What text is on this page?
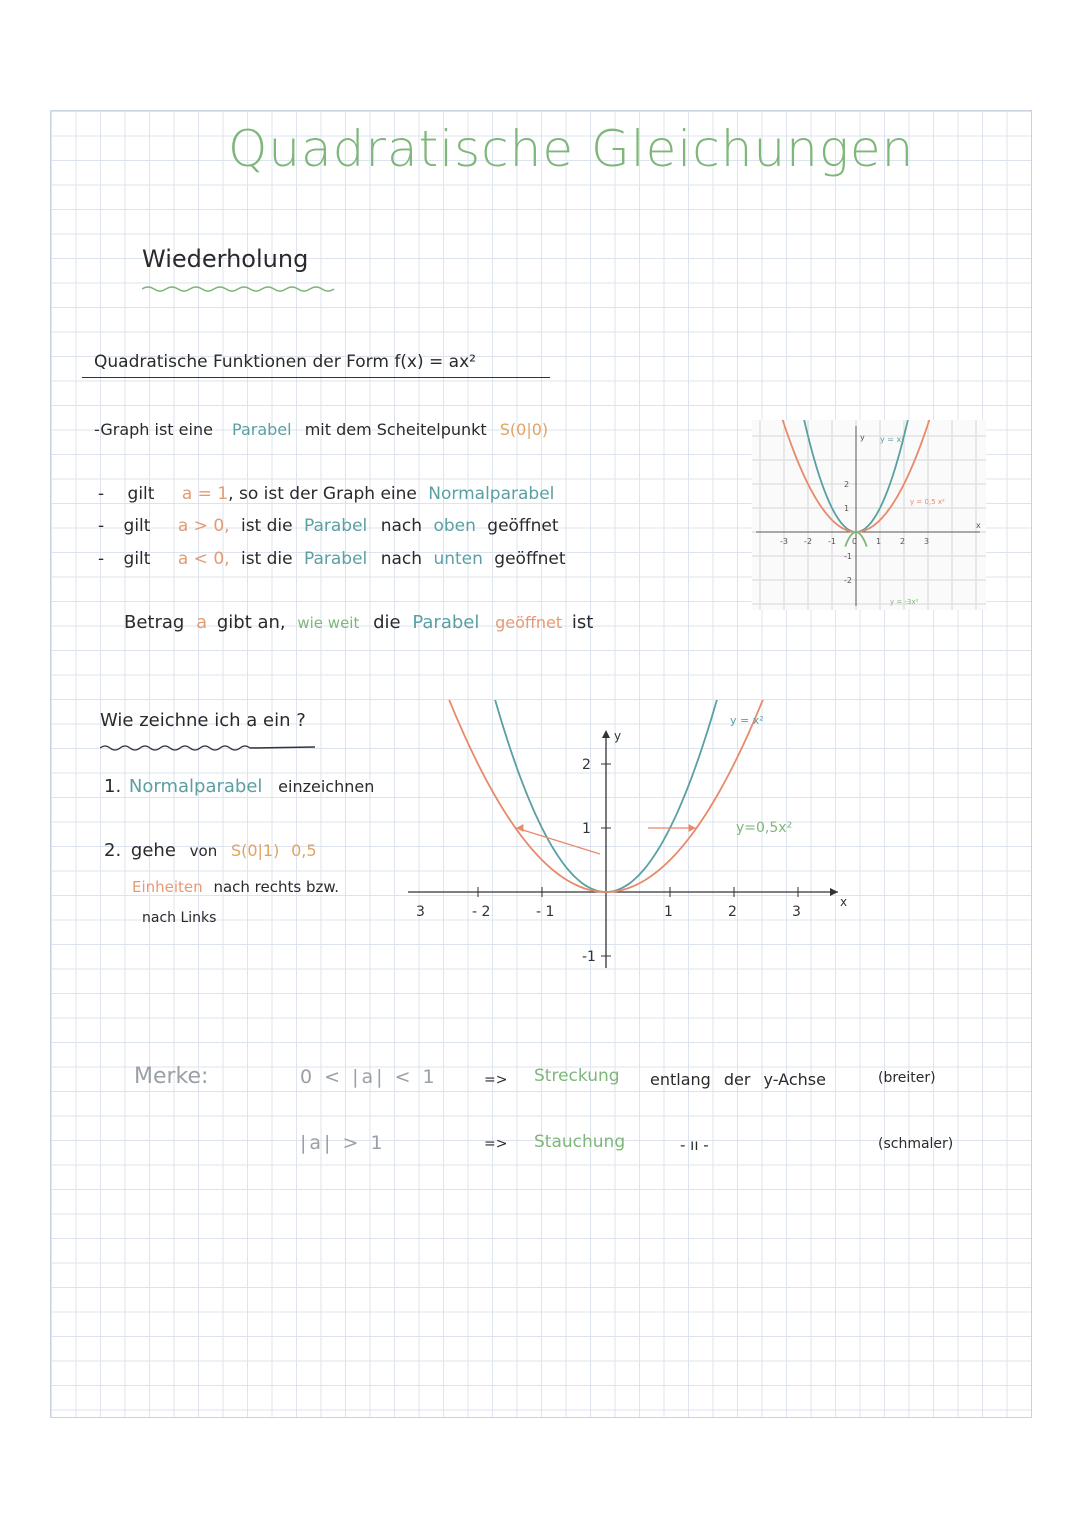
Quadratische Gleichungen
Wiederholung
Quadratische Funktionen der Form f(x) = ax²
-Graph ist eine Parabel mit dem Scheitelpunkt S(0|0)
- gilt a = 1, so ist der Graph eine Normalparabel
- gilt a > 0, ist die Parabel nach oben geöffnet
- gilt a < 0, ist die Parabel nach unten geöffnet
Betrag a gibt an, wie weit die Parabel geöffnet ist
x
y
-3 -2 -1 0 1 2 3
2
1
-1
-2
y = x²
y = 0,5 x²
y = -3x²
Wie zeichne ich a ein ?
1. Normalparabel einzeichnen
2. gehe von S(0|1) 0,5
Einheiten nach rechts bzw.
nach Links
x
y
3	- 2	- 1	1	2	3
2
1
-1
y = x²
y=0,5x²
Merke:	0 < |a| < 1	=> Streckung entlang der y-Achse	(breiter)
|a| > 1	=> Stauchung	- ıı -	(schmaler)
